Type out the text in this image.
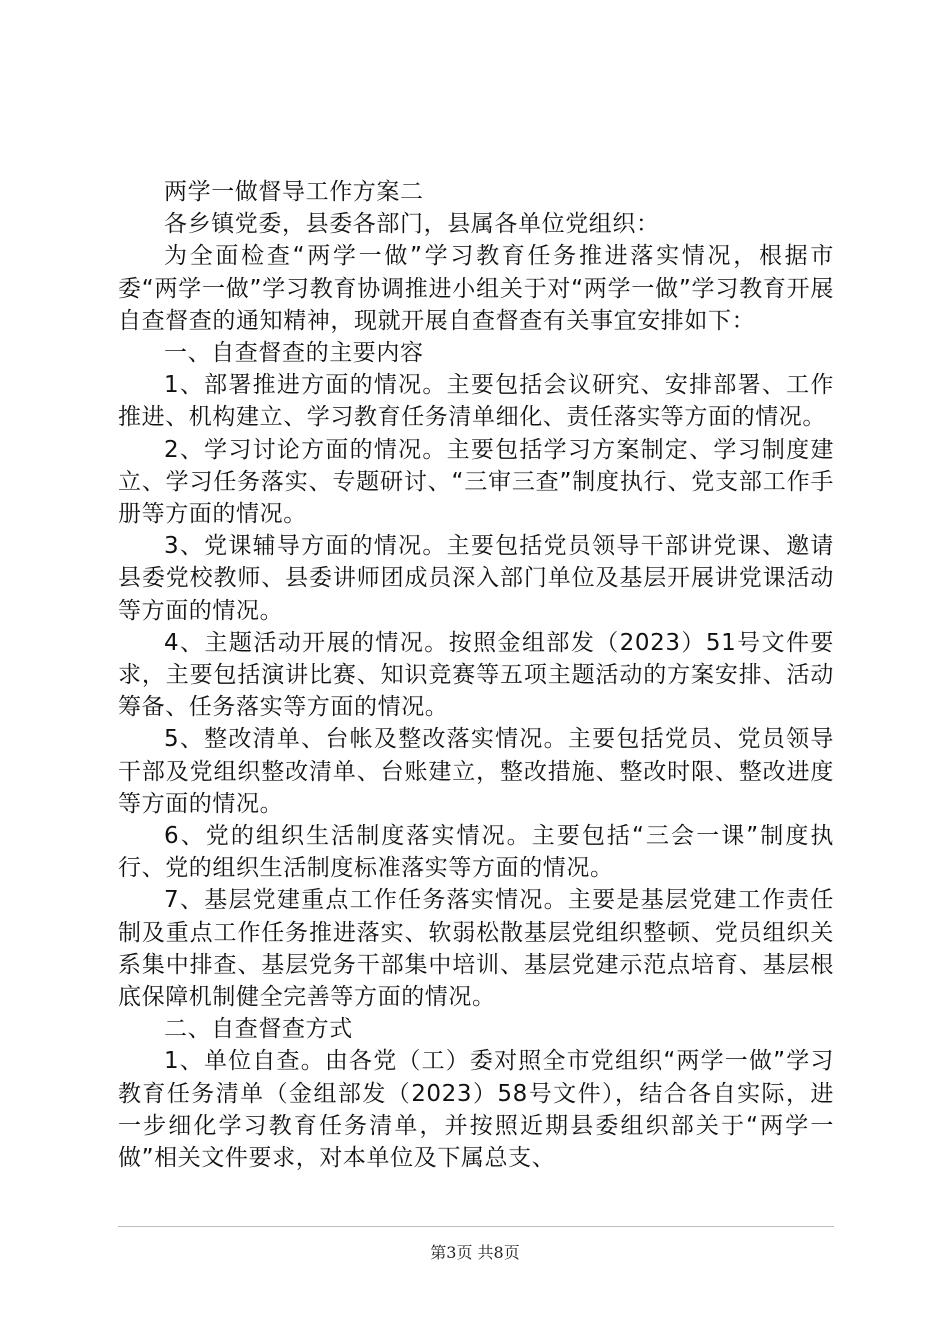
两学一做督导工作方案二

各乡镇党委，县委各部门，县属各单位党组织：

为全面检查“两学一做”学习教育任务推进落实情况，根据市委“两学一做”学习教育协调推进小组关于对“两学一做”学习教育开展自查督查的通知精神，现就开展自查督查有关事宜安排如下：

一、自查督查的主要内容

1、部署推进方面的情况。主要包括会议研究、安排部署、工作推进、机构建立、学习教育任务清单细化、责任落实等方面的情况。

2、学习讨论方面的情况。主要包括学习方案制定、学习制度建立、学习任务落实、专题研讨、“三审三查”制度执行、党支部工作手册等方面的情况。

3、党课辅导方面的情况。主要包括党员领导干部讲党课、邀请县委党校教师、县委讲师团成员深入部门单位及基层开展讲党课活动等方面的情况。

4、主题活动开展的情况。按照金组部发（2023）51号文件要求，主要包括演讲比赛、知识竞赛等五项主题活动的方案安排、活动筹备、任务落实等方面的情况。

5、整改清单、台帐及整改落实情况。主要包括党员、党员领导干部及党组织整改清单、台账建立，整改措施、整改时限、整改进度等方面的情况。

6、党的组织生活制度落实情况。主要包括“三会一课”制度执行、党的组织生活制度标准落实等方面的情况。

7、基层党建重点工作任务落实情况。主要是基层党建工作责任制及重点工作任务推进落实、软弱松散基层党组织整顿、党员组织关系集中排查、基层党务干部集中培训、基层党建示范点培育、基层根底保障机制健全完善等方面的情况。

二、自查督查方式

1、单位自查。由各党（工）委对照全市党组织“两学一做”学习教育任务清单（金组部发（2023）58号文件），结合各自实际，进一步细化学习教育任务清单，并按照近期县委组织部关于“两学一做”相关文件要求，对本单位及下属总支、

第3页 共8页
